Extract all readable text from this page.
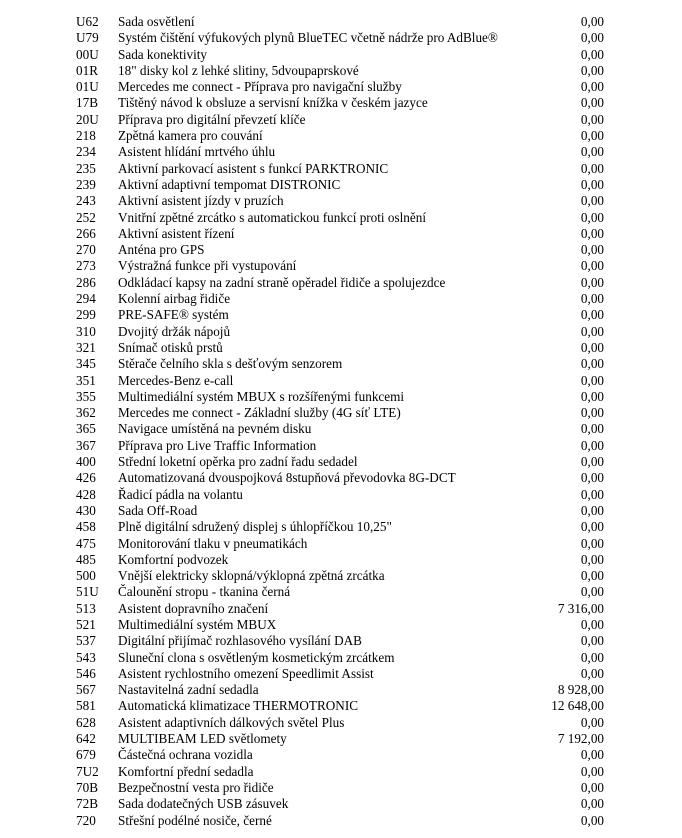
U62 Sada osvětlení	0,00
U79 Systém čištění výfukových plynů BlueTEC včetně nádrže pro AdBlue®	0,00
00U Sada konektivity	0,00
01R 18" disky kol z lehké slitiny, 5dvoupaprskové	0,00
01U Mercedes me connect - Příprava pro navigační služby	0,00
17B Tištěný návod k obsluze a servisní knížka v českém jazyce	0,00
20U Příprava pro digitální převzetí klíče	0,00
218 Zpětná kamera pro couvání	0,00
234 Asistent hlídání mrtvého úhlu	0,00
235 Aktivní parkovací asistent s funkcí PARKTRONIC	0,00
239 Aktivní adaptivní tempomat DISTRONIC	0,00
243 Aktivní asistent jízdy v pruzích	0,00
252 Vnitřní zpětné zrcátko s automatickou funkcí proti oslnění	0,00
266 Aktivní asistent řízení	0,00
270 Anténa pro GPS	0,00
273 Výstražná funkce při vystupování	0,00
286 Odkládací kapsy na zadní straně opěradel řidiče a spolujezdce	0,00
294 Kolenní airbag řidiče	0,00
299 PRE-SAFE® systém	0,00
310 Dvojitý držák nápojů	0,00
321 Snímač otisků prstů	0,00
345 Stěrače čelního skla s dešťovým senzorem	0,00
351 Mercedes-Benz e-call	0,00
355 Multimediální systém MBUX s rozšířenými funkcemi	0,00
362 Mercedes me connect - Základní služby (4G síť LTE)	0,00
365 Navigace umístěná na pevném disku	0,00
367 Příprava pro Live Traffic Information	0,00
400 Střední loketní opěrka pro zadní řadu sedadel	0,00
426 Automatizovaná dvouspojková 8stupňová převodovka 8G-DCT	0,00
428 Řadicí pádla na volantu	0,00
430 Sada Off-Road	0,00
458 Plně digitální sdružený displej s úhlopříčkou 10,25"	0,00
475 Monitorování tlaku v pneumatikách	0,00
485 Komfortní podvozek	0,00
500 Vnější elektricky sklopná/výklopná zpětná zrcátka	0,00
51U Čalounění stropu - tkanina černá	0,00
513 Asistent dopravního značení	7 316,00
521 Multimediální systém MBUX	0,00
537 Digitální přijímač rozhlasového vysílání DAB	0,00
543 Sluneční clona s osvětleným kosmetickým zrcátkem	0,00
546 Asistent rychlostního omezení Speedlimit Assist	0,00
567 Nastavitelná zadní sedadla	8 928,00
581 Automatická klimatizace THERMOTRONIC	12 648,00
628 Asistent adaptivních dálkových světel Plus	0,00
642 MULTIBEAM LED světlomety	7 192,00
679 Částečná ochrana vozidla	0,00
7U2 Komfortní přední sedadla	0,00
70B Bezpečnostní vesta pro řidiče	0,00
72B Sada dodatečných USB zásuvek	0,00
720 Střešní podélné nosiče, černé	0,00
